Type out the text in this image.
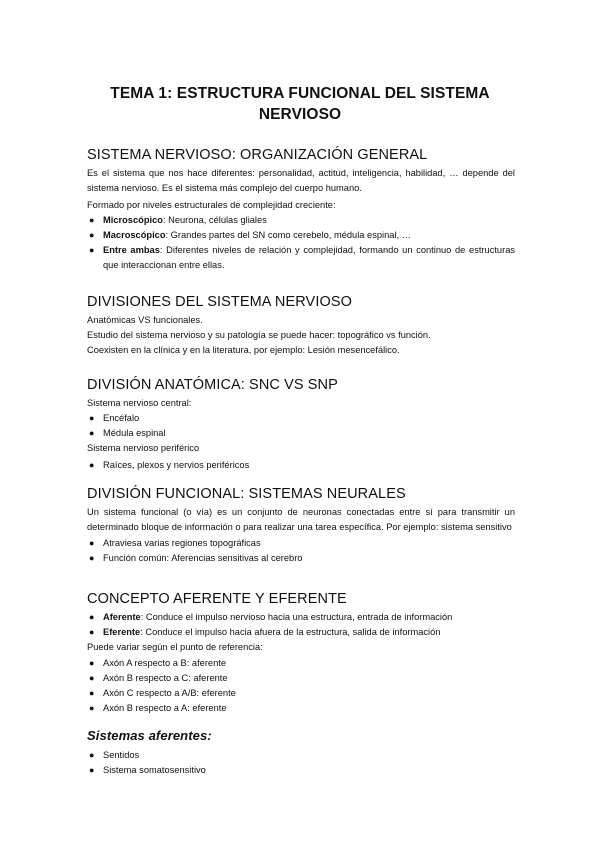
TEMA 1: ESTRUCTURA FUNCIONAL DEL SISTEMA
NERVIOSO
SISTEMA NERVIOSO: ORGANIZACIÓN GENERAL

Es el sistema que nos hace diferentes: personalidad, actitud, inteligencia, habilidad, … depende del sistema nervioso. Es el sistema más complejo del cuerpo humano.

Formado por niveles estructurales de complejidad creciente:

● Microscópico: Neurona, células gliales
● Macroscópico: Grandes partes del SN como cerebelo, médula espinal, …
● Entre ambas: Diferentes niveles de relación y complejidad, formando un continuo de estructuras que interaccionan entre ellas.
DIVISIONES DEL SISTEMA NERVIOSO

Anatómicas VS funcionales.

Estudio del sistema nervioso y su patología se puede hacer: topográfico vs función.

Coexisten en la clínica y en la literatura, por ejemplo: Lesión mesencefálico.

DIVISIÓN ANATÓMICA: SNC VS SNP

Sistema nervioso central:

● Encéfalo
● Médula espinal

Sistema nervioso periférico

● Raíces, plexos y nervios periféricos
DIVISIÓN FUNCIONAL: SISTEMAS NEURALES

Un sistema funcional (o vía) es un conjunto de neuronas conectadas entre sí para transmitir un determinado bloque de información o para realizar una tarea específica. Por ejemplo: sistema sensitivo

● Atraviesa varias regiones topográficas
● Función común: Aferencias sensitivas al cerebro
CONCEPTO AFERENTE Y EFERENTE
● Aferente: Conduce el impulso nervioso hacia una estructura, entrada de información
● Eferente: Conduce el impulso hacia afuera de la estructura, salida de información

Puede variar según el punto de referencia:

● Axón A respecto a B: aferente
● Axón B respecto a C: aferente
● Axón C respecto a A/B: eferente
● Axón B respecto a A: eferente
Sistemas aferentes:
● Sentidos
● Sistema somatosensitivo
